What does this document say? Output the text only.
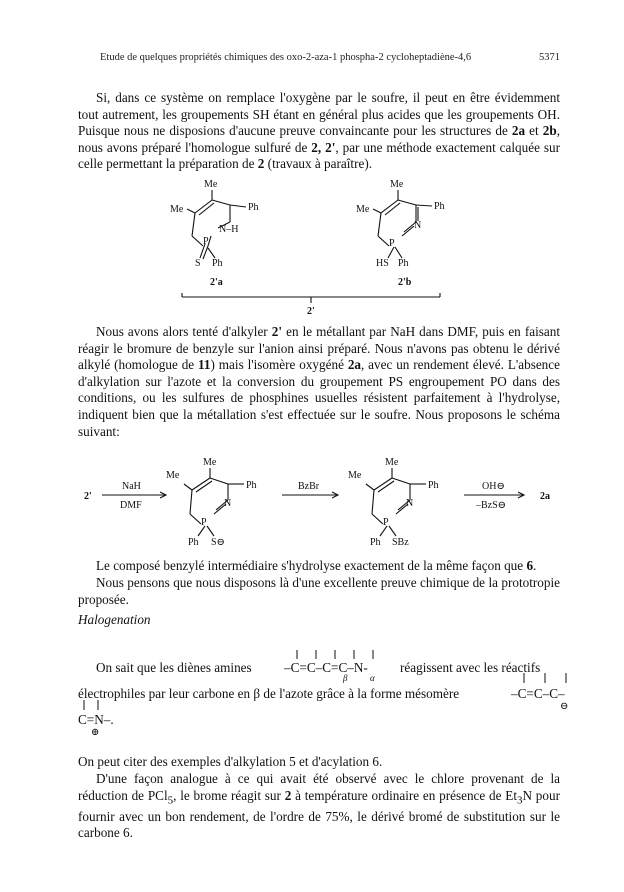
Etude de quelques propriétés chimiques des oxo-2-aza-1 phospha-2 cycloheptadiène-4,6	5371

Si, dans ce système on remplace l'oxygène par le soufre, il peut en être évidemment tout autrement, les groupements SH étant en général plus acides que les groupements OH. Puisque nous ne disposions d'aucune preuve convaincante pour les structures de 2a et 2b, nous avons préparé l'homologue sulfuré de 2, 2', par une méthode exactement calquée sur celle permettant la préparation de 2 (travaux à paraître).

Me
Me	Ph
N–H
P
S Ph
2'a
Me
Me	Ph
N
P
HS Ph
2'b
2'

Nous avons alors tenté d'alkyler 2' en le métallant par NaH dans DMF, puis en faisant réagir le bromure de benzyle sur l'anion ainsi préparé. Nous n'avons pas obtenu le dérivé alkylé (homologue de 11) mais l'isomère oxygéné 2a, avec un rendement élevé. L'absence d'alkylation sur l'azote et la conversion du groupement PS engroupement PO dans des conditions, ou les sulfures de phosphines usuelles résistent parfaitement à l'hydrolyse, indiquent bien que la métallation s'est effectuée sur le soufre. Nous proposons le schéma suivant:

2'
NaH
DMF
BzBr	OH⊖
–BzS⊖
2a
Me
Me
Ph
N
P
Ph S⊖
Me
Me
Ph
N
P
Ph SBz

Le composé benzylé intermédiaire s'hydrolyse exactement de la même façon que 6.

Nous pensons que nous disposons là d'une excellente preuve chimique de la prototropie proposée.

Halogenation

On sait que les diènes amines –C=C–C=C–N- réagissent avec les réactifs
β	α
électrophiles par leur carbone en β de l'azote grâce à la forme mésomère	–C=C–C–
⊖
C=N–.
⊕

On peut citer des exemples d'alkylation 5 et d'acylation 6.

D'une façon analogue à ce qui avait été observé avec le chlore provenant de la réduction de PCl$_5$, le brome réagit sur 2 à température ordinaire en présence de $Et_3N$ pour fournir avec un bon rendement, de l'ordre de 75%, le dérivé bromé de substitution sur le carbone 6.
